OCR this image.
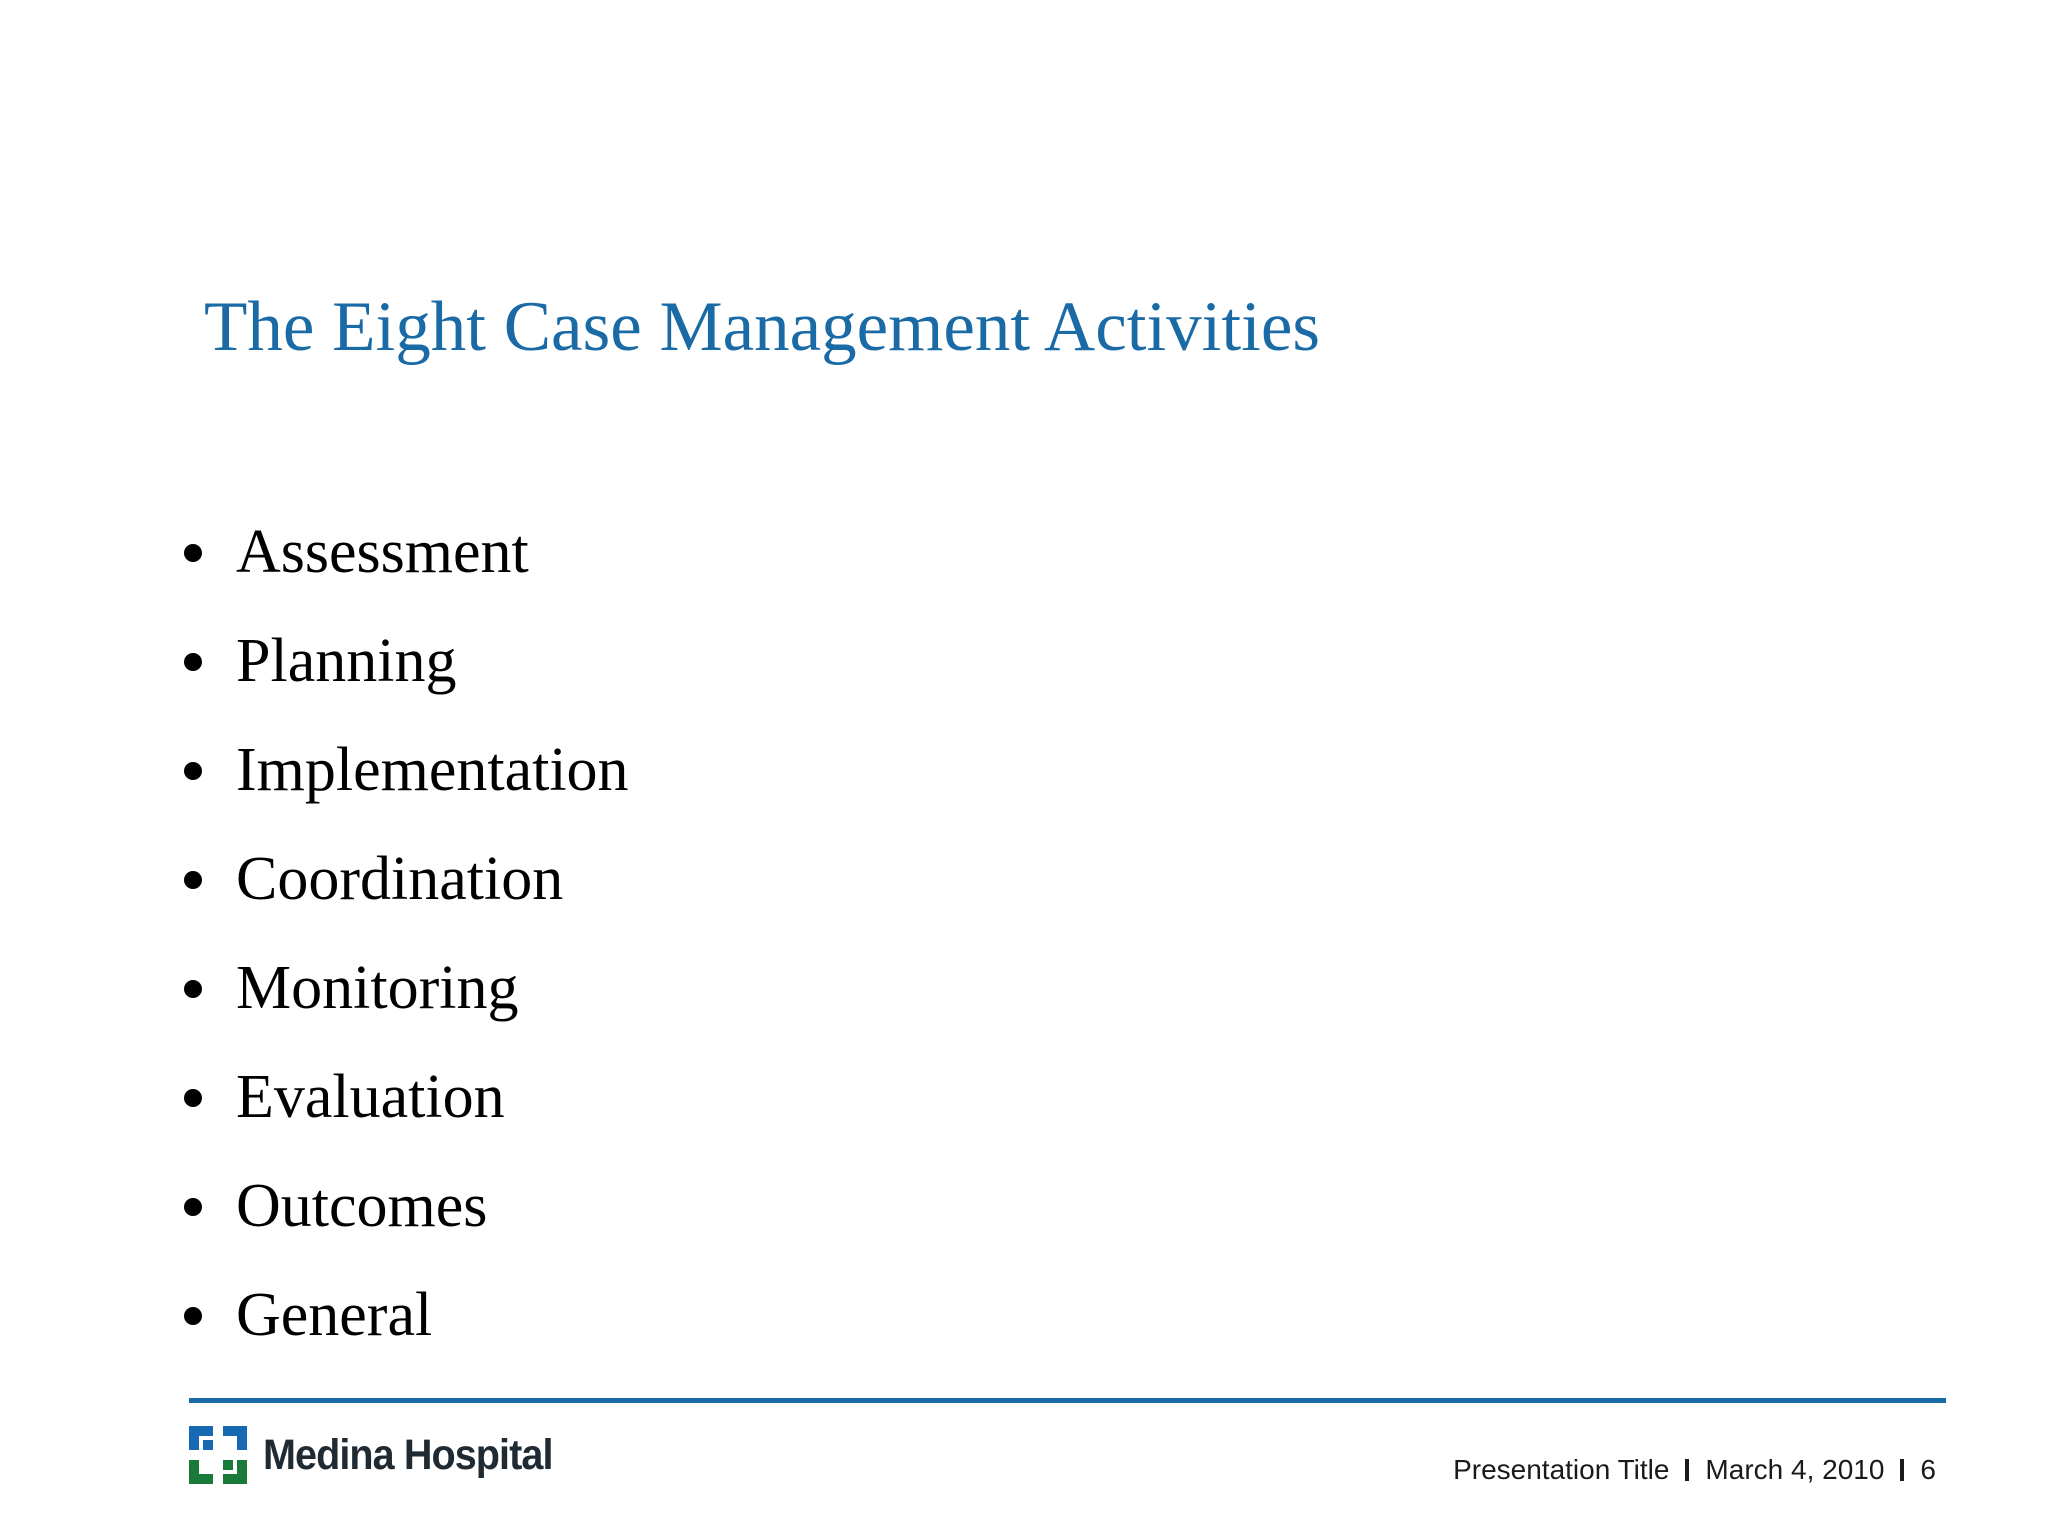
The Eight Case Management Activities
Assessment
Planning
Implementation
Coordination
Monitoring
Evaluation
Outcomes
General
Medina Hospital	Presentation Title March 4, 2010 6
